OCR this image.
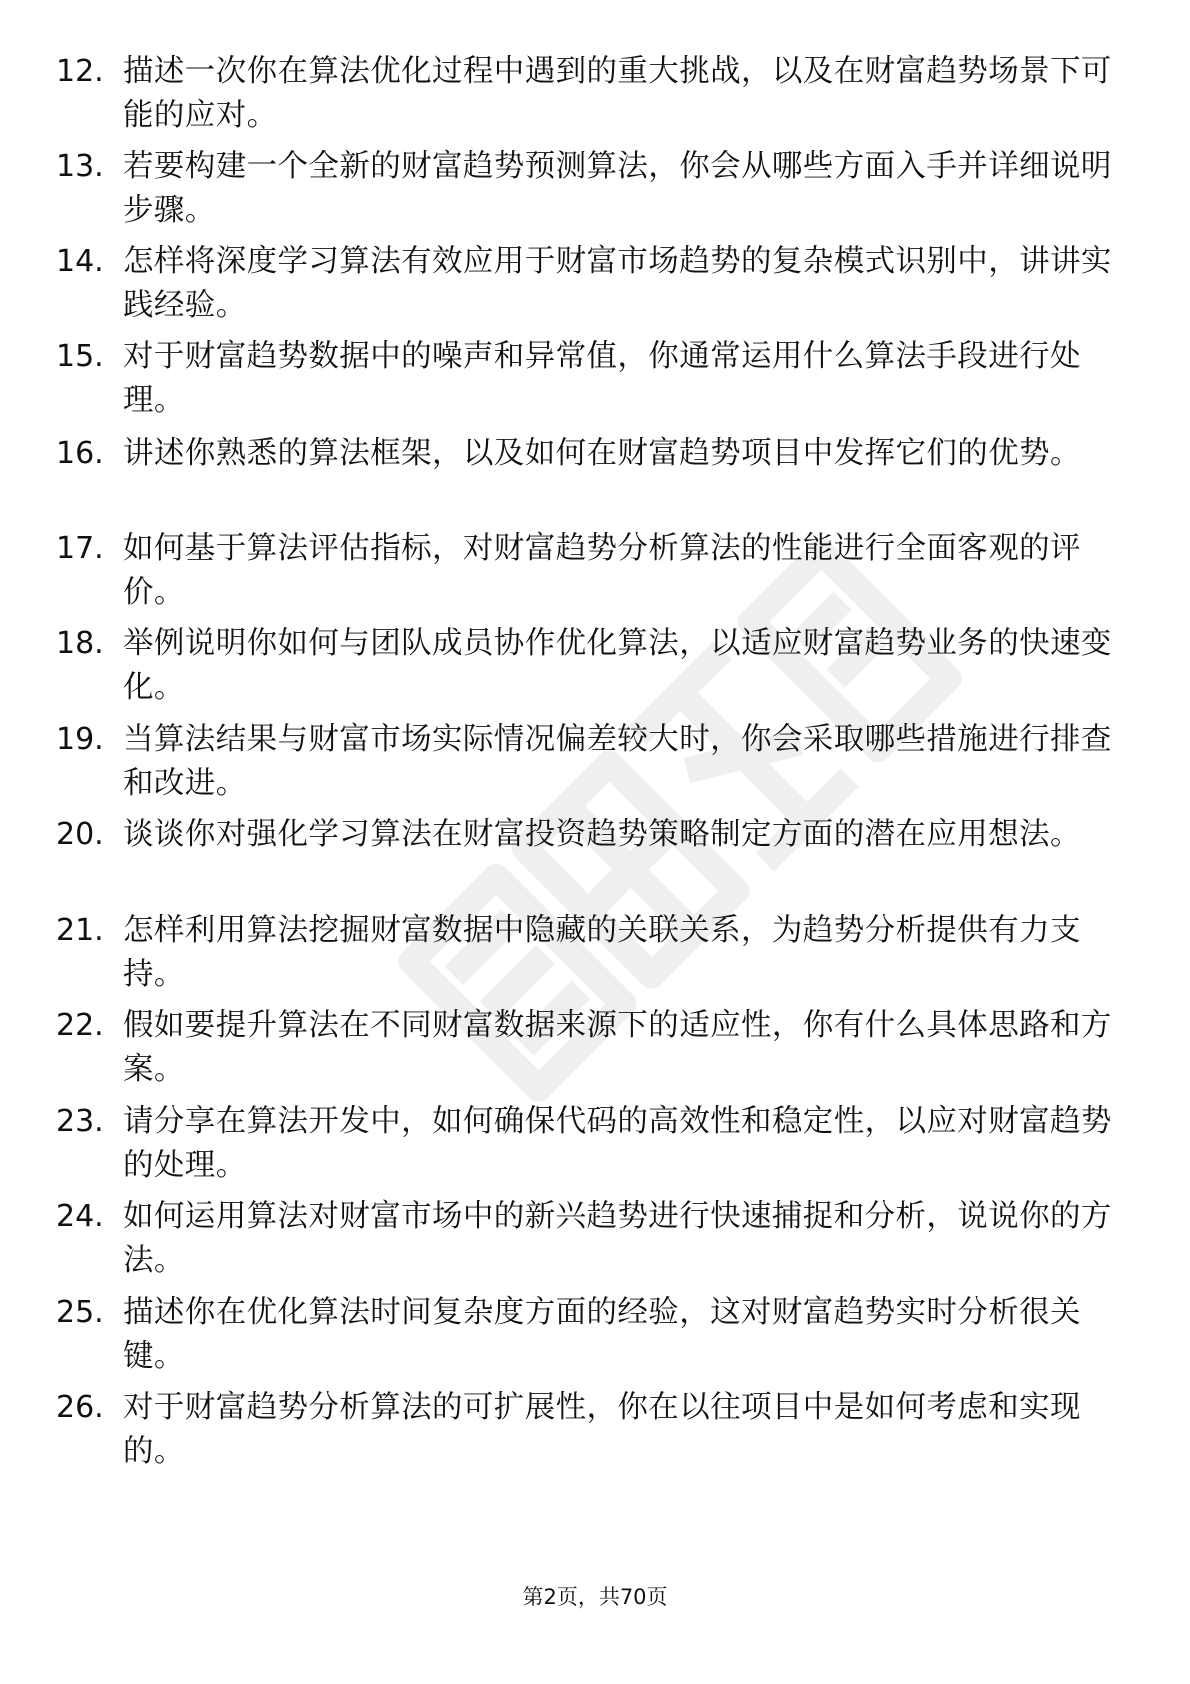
12. 描述一次你在算法优化过程中遇到的重大挑战，以及在财富趋势场景下可能的应对。
13. 若要构建一个全新的财富趋势预测算法，你会从哪些方面入手并详细说明步骤。
14. 怎样将深度学习算法有效应用于财富市场趋势的复杂模式识别中，讲讲实践经验。
15. 对于财富趋势数据中的噪声和异常值，你通常运用什么算法手段进行处理。
16. 讲述你熟悉的算法框架，以及如何在财富趋势项目中发挥它们的优势。
17. 如何基于算法评估指标，对财富趋势分析算法的性能进行全面客观的评价。
18. 举例说明你如何与团队成员协作优化算法，以适应财富趋势业务的快速变化。
19. 当算法结果与财富市场实际情况偏差较大时，你会采取哪些措施进行排查和改进。
20. 谈谈你对强化学习算法在财富投资趋势策略制定方面的潜在应用想法。
21. 怎样利用算法挖掘财富数据中隐藏的关联关系，为趋势分析提供有力支持。
22. 假如要提升算法在不同财富数据来源下的适应性，你有什么具体思路和方案。
23. 请分享在算法开发中，如何确保代码的高效性和稳定性，以应对财富趋势的处理。
24. 如何运用算法对财富市场中的新兴趋势进行快速捕捉和分析，说说你的方法。
25. 描述你在优化算法时间复杂度方面的经验，这对财富趋势实时分析很关键。
26. 对于财富趋势分析算法的可扩展性，你在以往项目中是如何考虑和实现的。
第2页，共70页
